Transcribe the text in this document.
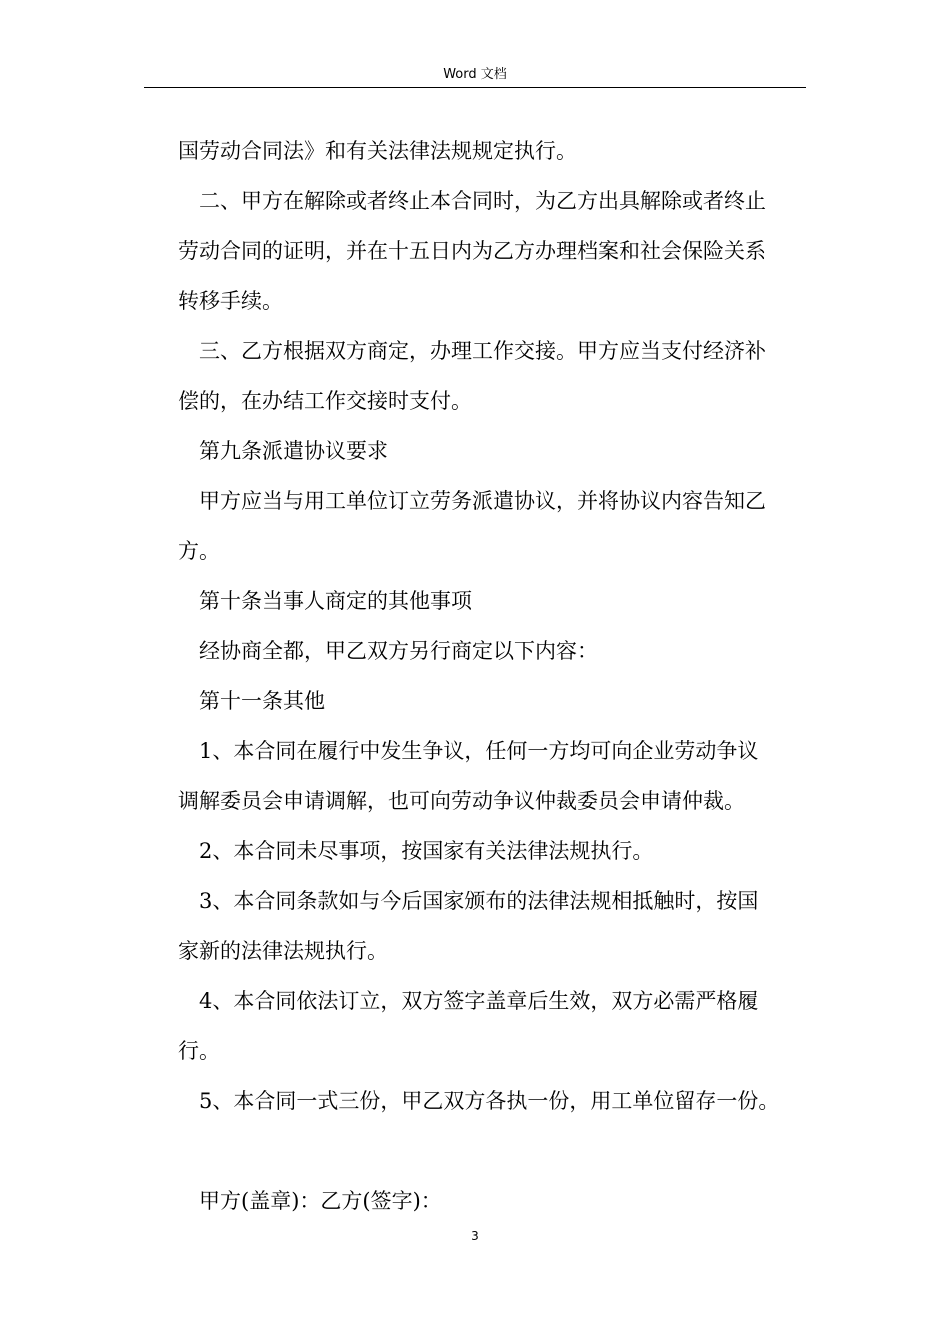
Word 文档

国劳动合同法》和有关法律法规规定执行。

二、甲方在解除或者终止本合同时，为乙方出具解除或者终止

劳动合同的证明，并在十五日内为乙方办理档案和社会保险关系

转移手续。

三、乙方根据双方商定，办理工作交接。甲方应当支付经济补

偿的，在办结工作交接时支付。

第九条派遣协议要求

甲方应当与用工单位订立劳务派遣协议，并将协议内容告知乙

方。

第十条当事人商定的其他事项

经协商全都，甲乙双方另行商定以下内容：

第十一条其他

1、本合同在履行中发生争议，任何一方均可向企业劳动争议

调解委员会申请调解，也可向劳动争议仲裁委员会申请仲裁。

2、本合同未尽事项，按国家有关法律法规执行。

3、本合同条款如与今后国家颁布的法律法规相抵触时，按国

家新的法律法规执行。

4、本合同依法订立，双方签字盖章后生效，双方必需严格履

行。

5、本合同一式三份，甲乙双方各执一份，用工单位留存一份。

甲方(盖章)：乙方(签字)：

3
